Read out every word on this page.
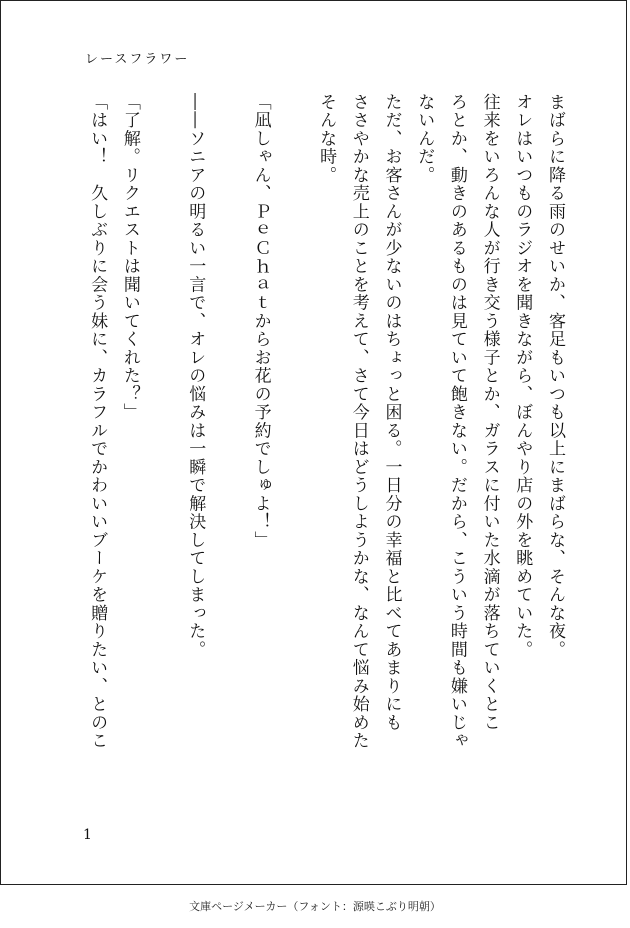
レースフラワー

まばらに降る雨のせいか、客足もいつも以上にまばらな、そんな夜。

オレはいつものラジオを聞きながら、ぼんやり店の外を眺めていた。

往来をいろんな人が行き交う様子とか、ガラスに付いた水滴が落ちていくとこ

ろとか、動きのあるものは見ていて飽きない。だから、こういう時間も嫌いじゃ

ないんだ。

ただ、お客さんが少ないのはちょっと困る。一日分の幸福と比べてあまりにも

ささやかな売上のことを考えて、さて今日はどうしようかな、なんて悩み始めた

そんな時。

「凪しゃん、ＰｅＣｈａｔからお花の予約でしゅよ！」

――ソニアの明るい一言で、オレの悩みは一瞬で解決してしまった。

「了解。リクエストは聞いてくれた？」

「はい！　久しぶりに会う妹に、カラフルでかわいいブーケを贈りたい、とのこ

1
文庫ページメーカー（フォント：源暎こぶり明朝）
